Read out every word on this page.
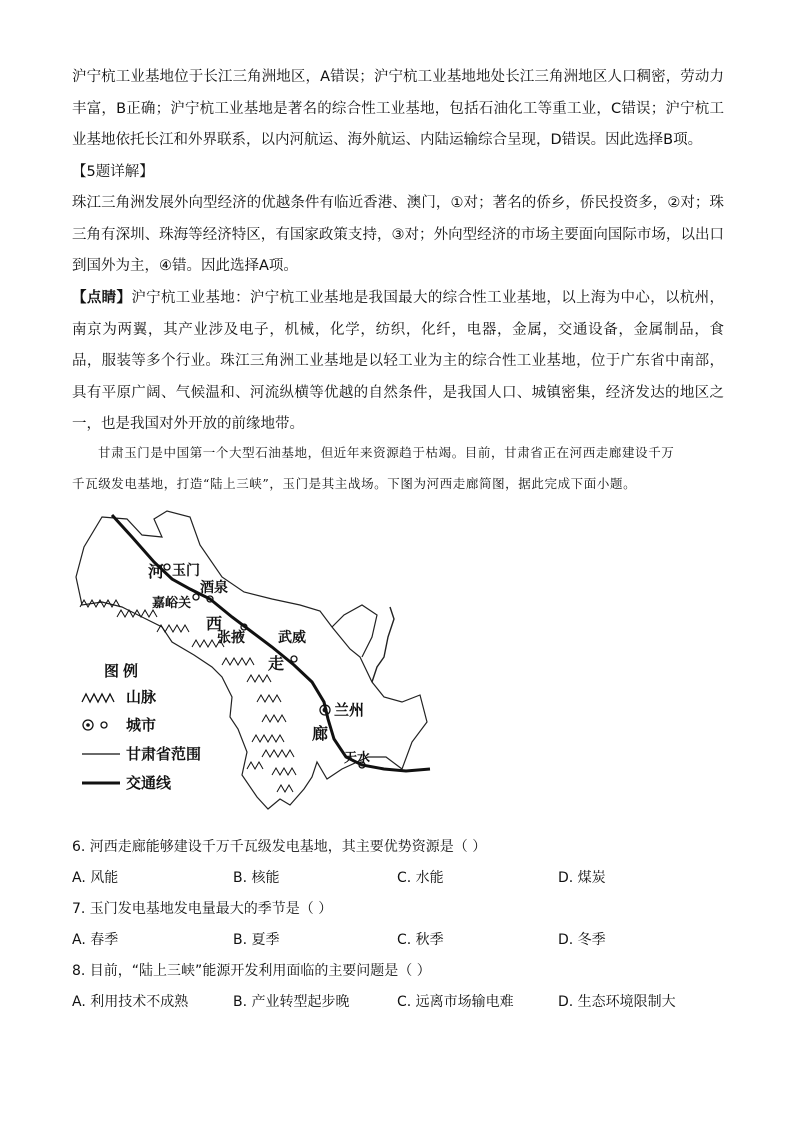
沪宁杭工业基地位于长江三角洲地区，A错误；沪宁杭工业基地地处长江三角洲地区人口稠密，劳动力丰富，B正确；沪宁杭工业基地是著名的综合性工业基地，包括石油化工等重工业，C错误；沪宁杭工业基地依托长江和外界联系，以内河航运、海外航运、内陆运输综合呈现，D错误。因此选择B项。
【5题详解】
珠江三角洲发展外向型经济的优越条件有临近香港、澳门，①对；著名的侨乡，侨民投资多，②对；珠三角有深圳、珠海等经济特区，有国家政策支持，③对；外向型经济的市场主要面向国际市场，以出口到国外为主，④错。因此选择A项。
【点睛】沪宁杭工业基地：沪宁杭工业基地是我国最大的综合性工业基地，以上海为中心，以杭州，南京为两翼，其产业涉及电子，机械，化学，纺织，化纤，电器，金属，交通设备，金属制品，食品，服装等多个行业。珠江三角洲工业基地是以轻工业为主的综合性工业基地，位于广东省中南部，具有平原广阔、气候温和、河流纵横等优越的自然条件，是我国人口、城镇密集，经济发达的地区之一，也是我国对外开放的前缘地带。
甘肃玉门是中国第一个大型石油基地，但近年来资源趋于枯竭。目前，甘肃省正在河西走廊建设千万
千瓦级发电基地，打造“陆上三峡”，玉门是其主战场。下图为河西走廊简图，据此完成下面小题。
玉门
酒泉
嘉峪关
张掖 武威
兰州
天水
河
西
走
廊
图例
山脉
城市
甘肃省范围
交通线
6. 河西走廊能够建设千万千瓦级发电基地，其主要优势资源是（ ）
A. 风能	B. 核能	C. 水能	D. 煤炭
7. 玉门发电基地发电量最大的季节是（ ）
A. 春季	B. 夏季	C. 秋季	D. 冬季
8. 目前，“陆上三峡”能源开发利用面临的主要问题是（ ）
A. 利用技术不成熟	B. 产业转型起步晚	C. 远离市场输电难	D. 生态环境限制大
